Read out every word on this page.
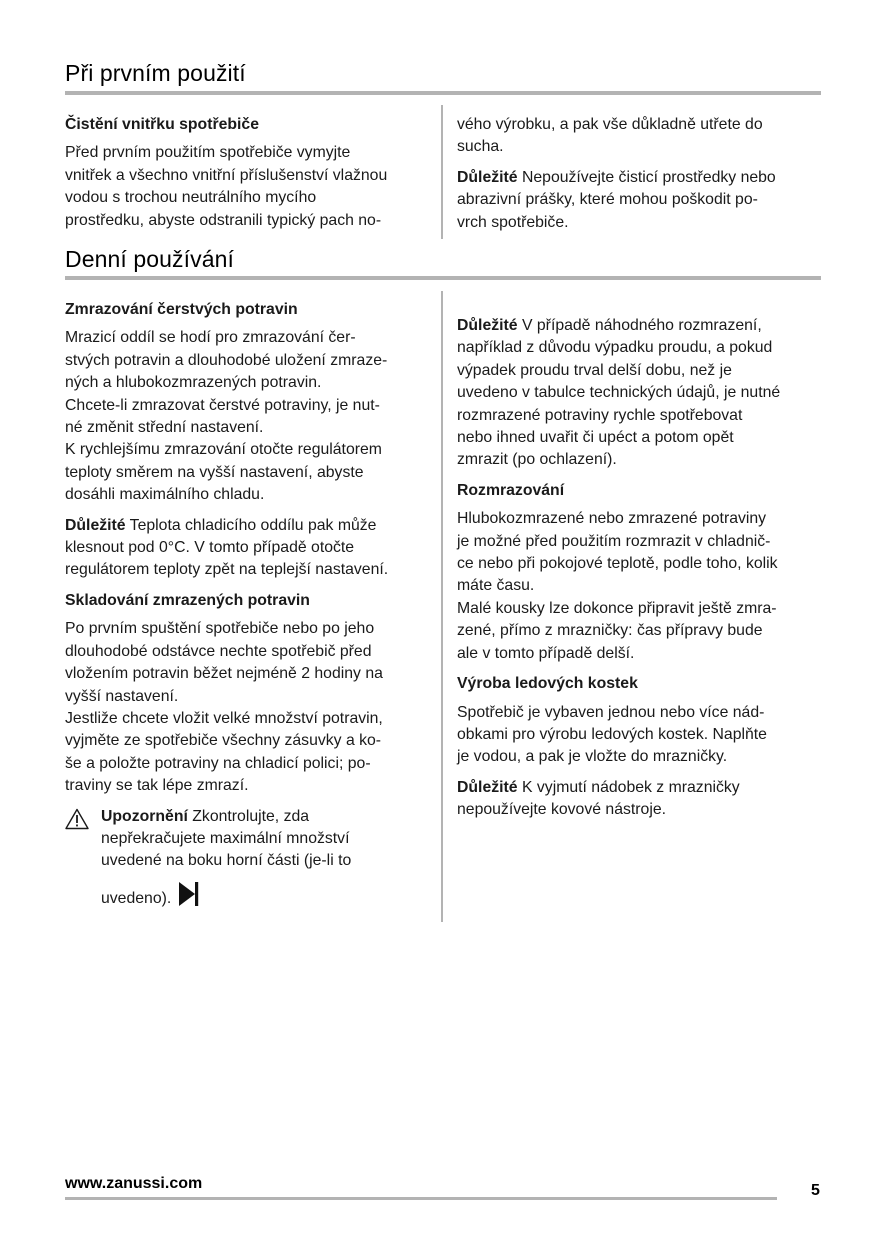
Při prvním použití

Čistění vnitřku spotřebiče

Před prvním použitím spotřebiče vymyjte

vnitřek a všechno vnitřní příslušenství vlažnou

vodou s trochou neutrálního mycího

prostředku, abyste odstranili typický pach no-

vého výrobku, a pak vše důkladně utřete do

sucha.

Důležité Nepoužívejte čisticí prostředky nebo

abrazivní prášky, které mohou poškodit po-

vrch spotřebiče.

Denní používání

Zmrazování čerstvých potravin

Mrazicí oddíl se hodí pro zmrazování čer-

stvých potravin a dlouhodobé uložení zmraze-

ných a hlubokozmrazených potravin.

Chcete-li zmrazovat čerstvé potraviny, je nut-

né změnit střední nastavení.

K rychlejšímu zmrazování otočte regulátorem

teploty směrem na vyšší nastavení, abyste

dosáhli maximálního chladu.

Důležité Teplota chladicího oddílu pak může

klesnout pod 0°C. V tomto případě otočte

regulátorem teploty zpět na teplejší nastavení.

Skladování zmrazených potravin

Po prvním spuštění spotřebiče nebo po jeho

dlouhodobé odstávce nechte spotřebič před

vložením potravin běžet nejméně 2 hodiny na

vyšší nastavení.

Jestliže chcete vložit velké množství potravin,

vyjměte ze spotřebiče všechny zásuvky a ko-

še a položte potraviny na chladicí polici; po-

traviny se tak lépe zmrazí.

Upozornění Zkontrolujte, zda

nepřekračujete maximální množství

uvedené na boku horní části (je-li to

uvedeno).

Důležité V případě náhodného rozmrazení,

například z důvodu výpadku proudu, a pokud

výpadek proudu trval delší dobu, než je

uvedeno v tabulce technických údajů, je nutné

rozmrazené potraviny rychle spotřebovat

nebo ihned uvařit či upéct a potom opět

zmrazit (po ochlazení).

Rozmrazování

Hlubokozmrazené nebo zmrazené potraviny

je možné před použitím rozmrazit v chladnič-

ce nebo při pokojové teplotě, podle toho, kolik

máte času.

Malé kousky lze dokonce připravit ještě zmra-

zené, přímo z mrazničky: čas přípravy bude

ale v tomto případě delší.

Výroba ledových kostek

Spotřebič je vybaven jednou nebo více nád-

obkami pro výrobu ledových kostek. Naplňte

je vodou, a pak je vložte do mrazničky.

Důležité K vyjmutí nádobek z mrazničky

nepoužívejte kovové nástroje.

www.zanussi.com	5
